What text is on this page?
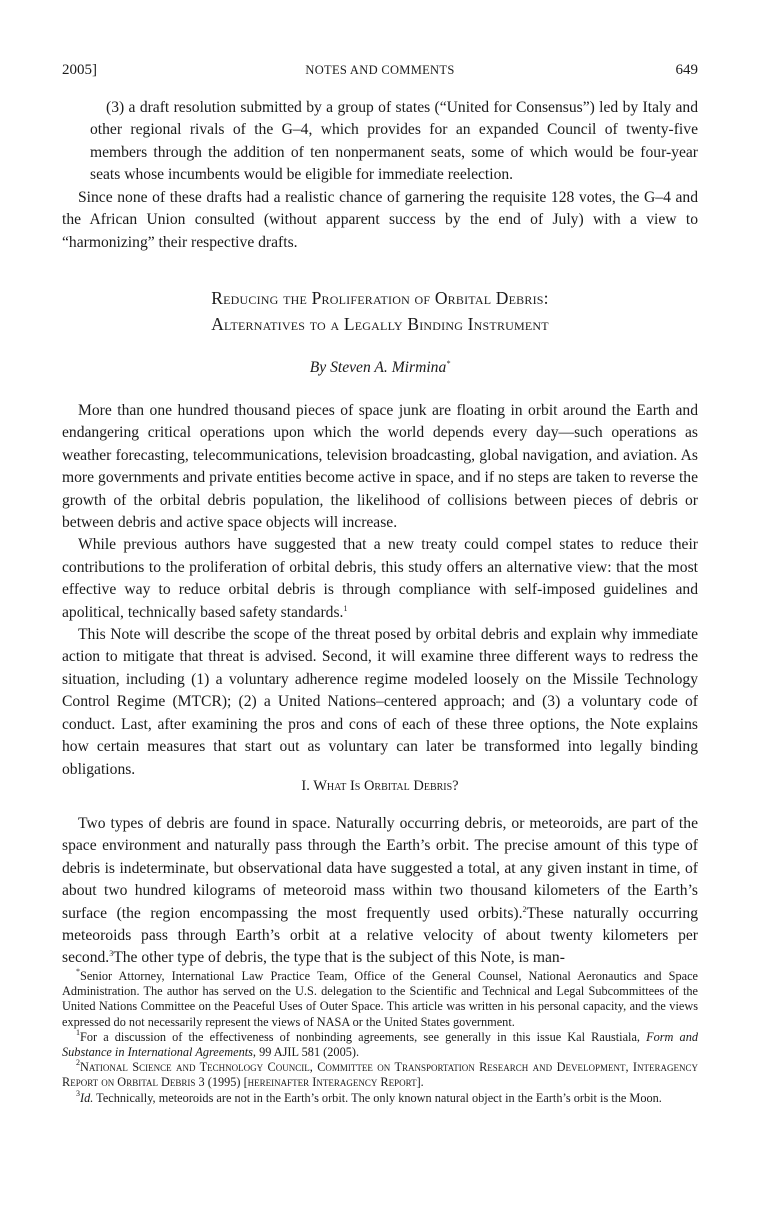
2005]	NOTES AND COMMENTS	649
(3) a draft resolution submitted by a group of states (“United for Consensus”) led by Italy and other regional rivals of the G–4, which provides for an expanded Council of twenty-five members through the addition of ten nonpermanent seats, some of which would be four-year seats whose incumbents would be eligible for immediate reelection.

Since none of these drafts had a realistic chance of garnering the requisite 128 votes, the G–4 and the African Union consulted (without apparent success by the end of July) with a view to “harmonizing” their respective drafts.

Reducing the Proliferation of Orbital Debris:
Alternatives to a Legally Binding Instrument
By Steven A. Mirmina*

More than one hundred thousand pieces of space junk are floating in orbit around the Earth and endangering critical operations upon which the world depends every day—such operations as weather forecasting, telecommunications, television broadcasting, global navigation, and aviation. As more governments and private entities become active in space, and if no steps are taken to reverse the growth of the orbital debris population, the likelihood of collisions between pieces of debris or between debris and active space objects will increase.

While previous authors have suggested that a new treaty could compel states to reduce their contributions to the proliferation of orbital debris, this study offers an alternative view: that the most effective way to reduce orbital debris is through compliance with self-imposed guidelines and apolitical, technically based safety standards.$^1$

This Note will describe the scope of the threat posed by orbital debris and explain why immediate action to mitigate that threat is advised. Second, it will examine three different ways to redress the situation, including (1) a voluntary adherence regime modeled loosely on the Missile Technology Control Regime (MTCR); (2) a United Nations–centered approach; and (3) a voluntary code of conduct. Last, after examining the pros and cons of each of these three options, the Note explains how certain measures that start out as voluntary can later be transformed into legally binding obligations.

I. What Is Orbital Debris?

Two types of debris are found in space. Naturally occurring debris, or meteoroids, are part of the space environment and naturally pass through the Earth’s orbit. The precise amount of this type of debris is indeterminate, but observational data have suggested a total, at any given instant in time, of about two hundred kilograms of meteoroid mass within two thousand kilometers of the Earth’s surface (the region encompassing the most frequently used orbits).$^2$These naturally occurring meteoroids pass through Earth’s orbit at a relative velocity of about twenty kilometers per second.$^3$The other type of debris, the type that is the subject of this Note, is man-

*Senior Attorney, International Law Practice Team, Office of the General Counsel, National Aeronautics and Space Administration. The author has served on the U.S. delegation to the Scientific and Technical and Legal Subcommittees of the United Nations Committee on the Peaceful Uses of Outer Space. This article was written in his personal capacity, and the views expressed do not necessarily represent the views of NASA or the United States government.

$^1$For a discussion of the effectiveness of nonbinding agreements, see generally in this issue Kal Raustiala, Form and Substance in International Agreements, 99 AJIL 581 (2005).

$^2$National Science and Technology Council, Committee on Transportation Research and Development, Interagency Report on Orbital Debris 3 (1995) [hereinafter Interagency Report].

$^3$Id. Technically, meteoroids are not in the Earth’s orbit. The only known natural object in the Earth’s orbit is the Moon.
